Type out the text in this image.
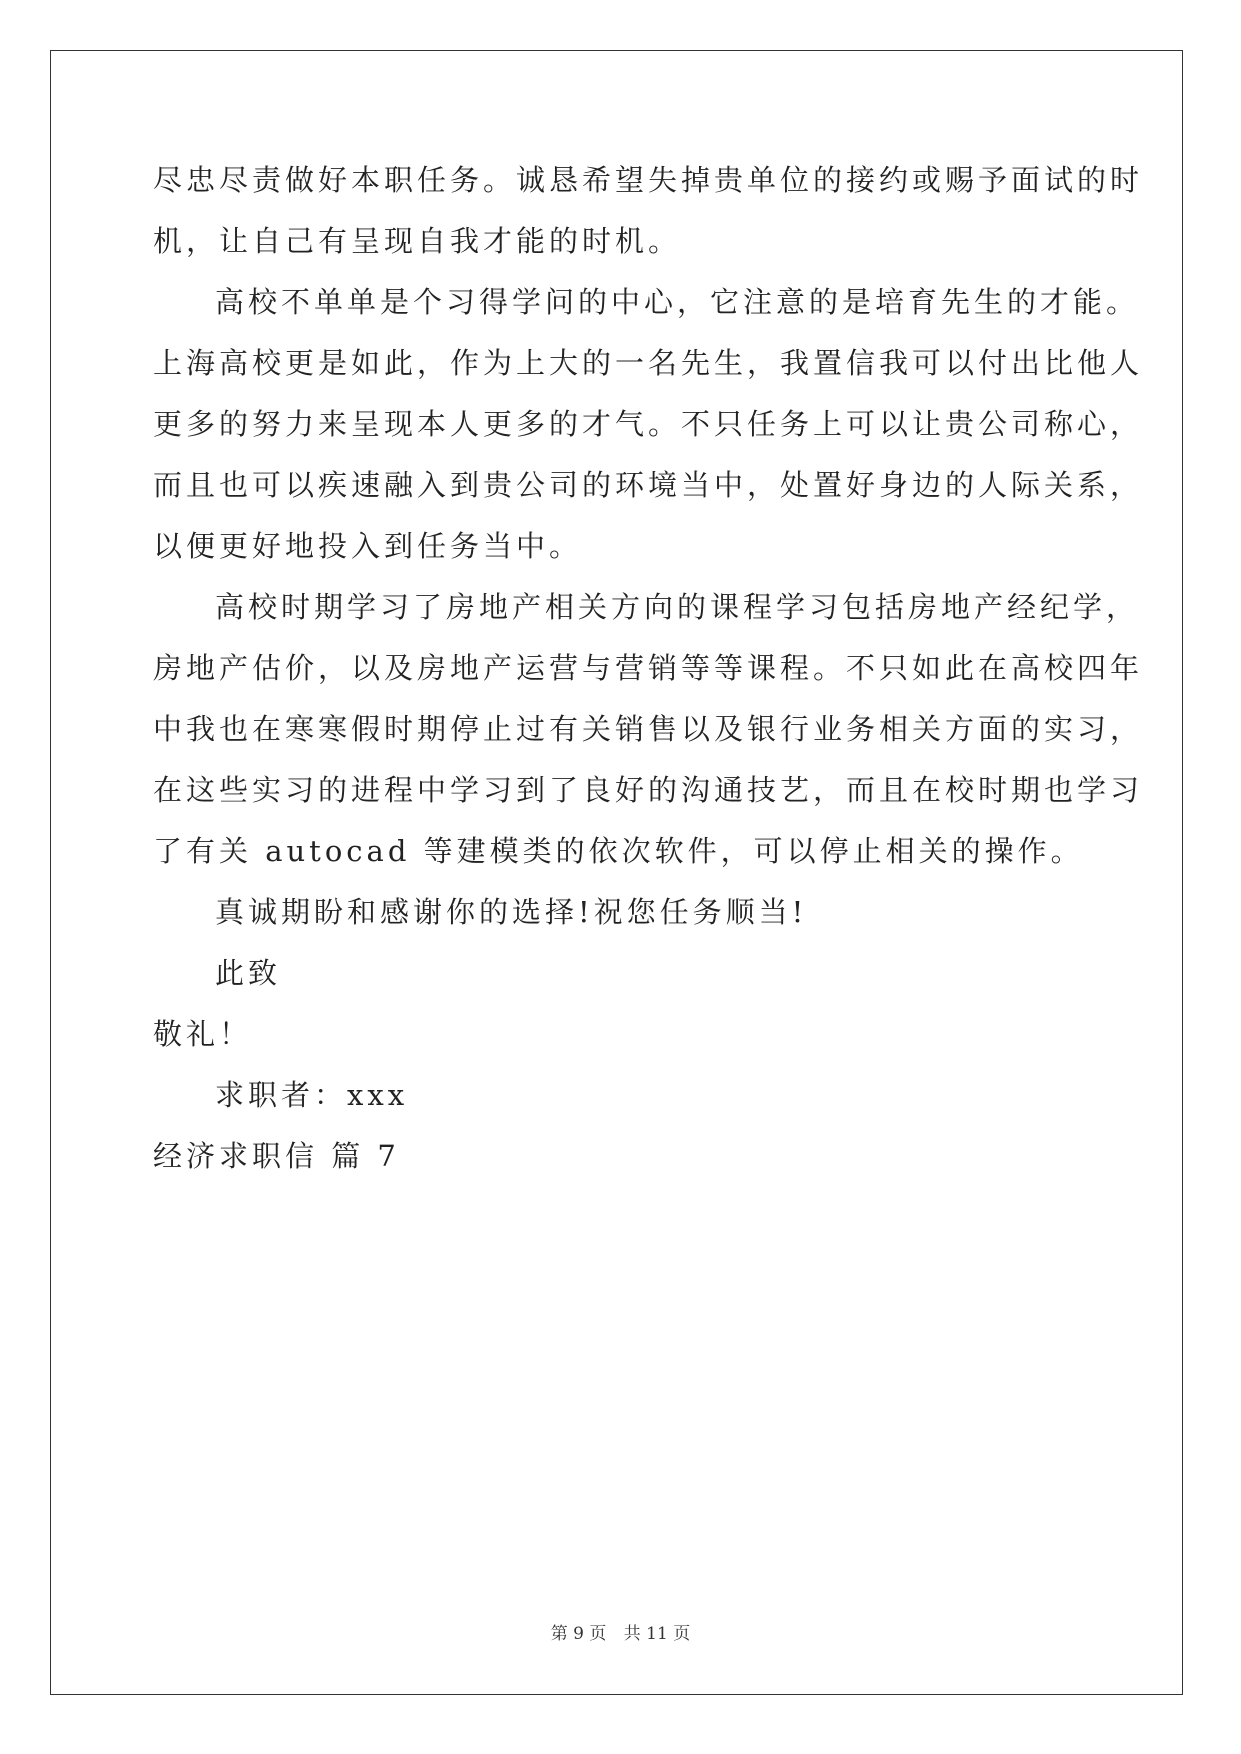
尽忠尽责做好本职任务。诚恳希望失掉贵单位的接约或赐予面试的时
机，让自己有呈现自我才能的时机。
高校不单单是个习得学问的中心，它注意的是培育先生的才能。
上海高校更是如此，作为上大的一名先生，我置信我可以付出比他人
更多的努力来呈现本人更多的才气。不只任务上可以让贵公司称心，
而且也可以疾速融入到贵公司的环境当中，处置好身边的人际关系，
以便更好地投入到任务当中。
高校时期学习了房地产相关方向的课程学习包括房地产经纪学，
房地产估价，以及房地产运营与营销等等课程。不只如此在高校四年
中我也在寒寒假时期停止过有关销售以及银行业务相关方面的实习，
在这些实习的进程中学习到了良好的沟通技艺，而且在校时期也学习
了有关 autocad 等建模类的依次软件，可以停止相关的操作。
真诚期盼和感谢你的选择!祝您任务顺当!
此致
敬礼！
求职者：xxx
经济求职信 篇 7
第 9 页 共 11 页
